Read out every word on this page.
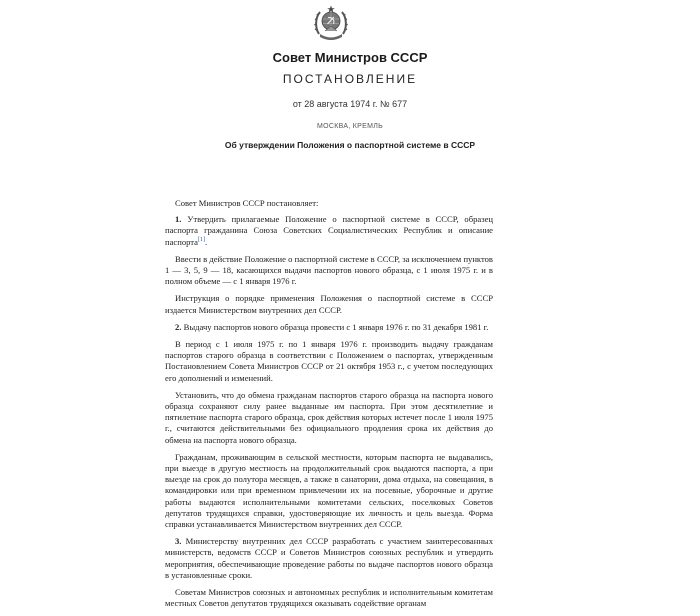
Совет Министров СССР
ПОСТАНОВЛЕНИЕ
от 28 августа 1974 г. № 677
МОСКВА, КРЕМЛЬ
Об утверждении Положения о паспортной системе в СССР

Совет Министров СССР постановляет:

1. Утвердить прилагаемые Положение о паспортной системе в СССР, образец паспорта гражданина Союза Советских Социалистических Республик и описание паспорта[1].

Ввести в действие Положение о паспортной системе в СССР, за исключением пунктов 1 — 3, 5, 9 — 18, касающихся выдачи паспортов нового образца, с 1 июля 1975 г. и в полном объеме — с 1 января 1976 г.

Инструкция о порядке применения Положения о паспортной системе в СССР издается Министерством внутренних дел СССР.

2. Выдачу паспортов нового образца провести с 1 января 1976 г. по 31 декабря 1981 г.

В период с 1 июля 1975 г. по 1 января 1976 г. производить выдачу гражданам паспортов старого образца в соответствии с Положением о паспортах, утвержденным Постановлением Совета Министров СССР от 21 октября 1953 г., с учетом последующих его дополнений и изменений.

Установить, что до обмена гражданам паспортов старого образца на паспорта нового образца сохраняют силу ранее выданные им паспорта. При этом десятилетние и пятилетние паспорта старого образца, срок действия которых истечет после 1 июля 1975 г., считаются действительными без официального продления срока их действия до обмена на паспорта нового образца.

Гражданам, проживающим в сельской местности, которым паспорта не выдавались, при выезде в другую местность на продолжительный срок выдаются паспорта, а при выезде на срок до полутора месяцев, а также в санатории, дома отдыха, на совещания, в командировки или при временном привлечении их на посевные, уборочные и другие работы выдаются исполнительными комитетами сельских, поселковых Советов депутатов трудящихся справки, удостоверяющие их личность и цель выезда. Форма справки устанавливается Министерством внутренних дел СССР.

3. Министерству внутренних дел СССР разработать с участием заинтересованных министерств, ведомств СССР и Советов Министров союзных республик и утвердить мероприятия, обеспечивающие проведение работы по выдаче паспортов нового образца в установленные сроки.

Советам Министров союзных и автономных республик и исполнительным комитетам местных Советов депутатов трудящихся оказывать содействие органам
